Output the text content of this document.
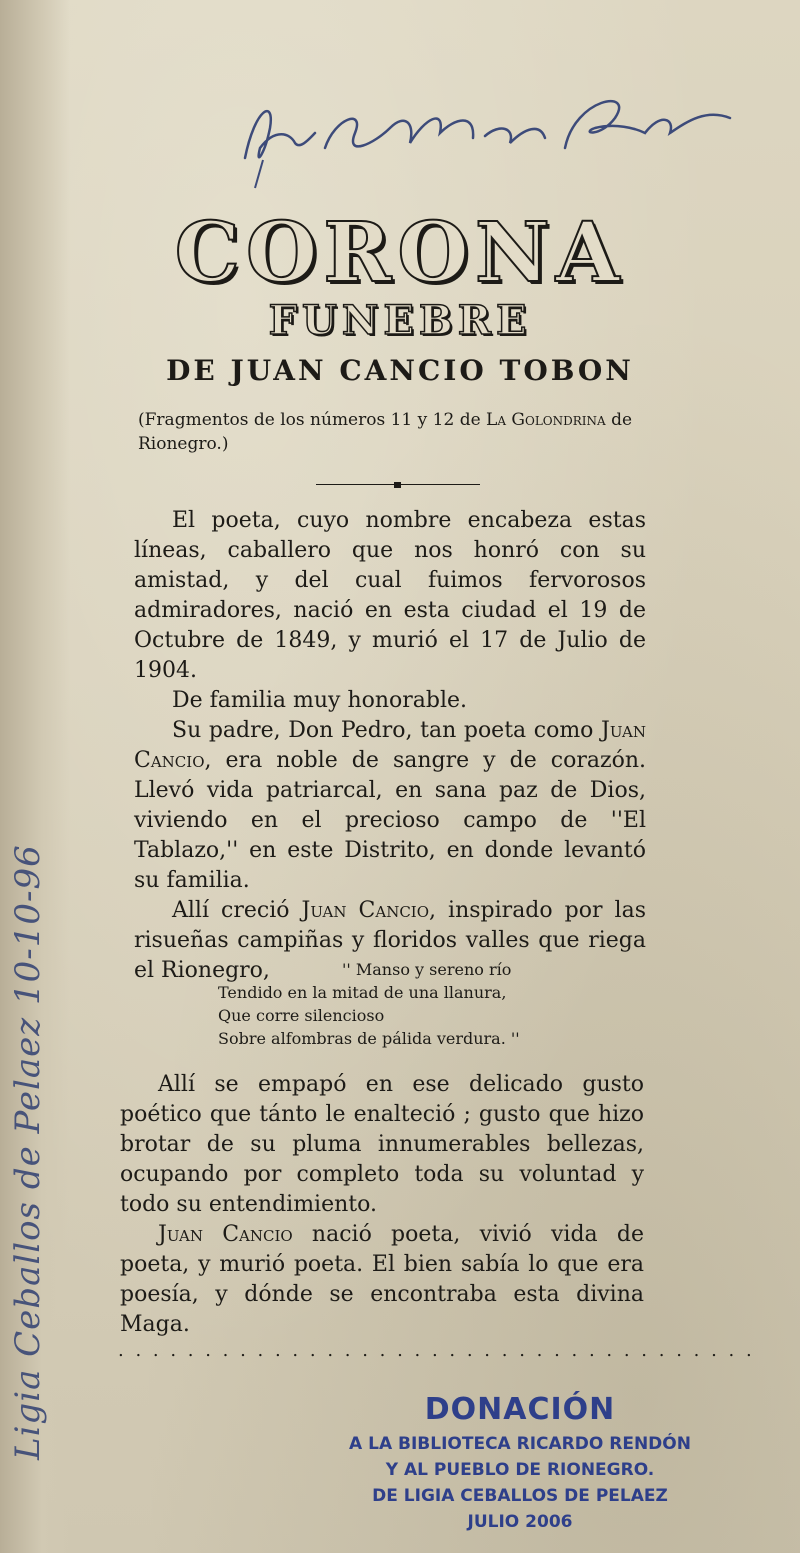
Ligia Ceballos de Pelaez 10-10-96
CORONA
FUNEBRE
DE JUAN CANCIO TOBON
(Fragmentos de los números 11 y 12 de La Golondrina de Rionegro.)

El poeta, cuyo nombre encabeza estas líneas, caballero que nos honró con su amistad, y del cual fuimos fervorosos admiradores, nació en esta ciudad el 19 de Octubre de 1849, y murió el 17 de Julio de 1904.

De familia muy honorable.

Su padre, Don Pedro, tan poeta como Juan Cancio, era noble de sangre y de corazón. Llevó vida patriarcal, en sana paz de Dios, viviendo en el precioso campo de ''El Tablazo,'' en este Distrito, en donde levantó su familia.

Allí creció Juan Cancio, inspirado por las risueñas campiñas y floridos valles que riega el Rionegro,	'' Manso y sereno río
Tendido en la mitad de una llanura,
Que corre silencioso
Sobre alfombras de pálida verdura. ''

Allí se empapó en ese delicado gusto poético que tánto le enalteció ; gusto que hizo brotar de su pluma innumerables bellezas, ocupando por completo toda su voluntad y todo su entendimiento.

Juan Cancio nació poeta, vivió vida de poeta, y murió poeta. El bien sabía lo que era poesía, y dónde se encontraba esta divina Maga.

. . . . . . . . . . . . . . . . . . . . . . . . . . . . . . . . . . . . .
DONACIÓN
A LA BIBLIOTECA RICARDO RENDÓN
Y AL PUEBLO DE RIONEGRO.
DE LIGIA CEBALLOS DE PELAEZ
JULIO 2006
